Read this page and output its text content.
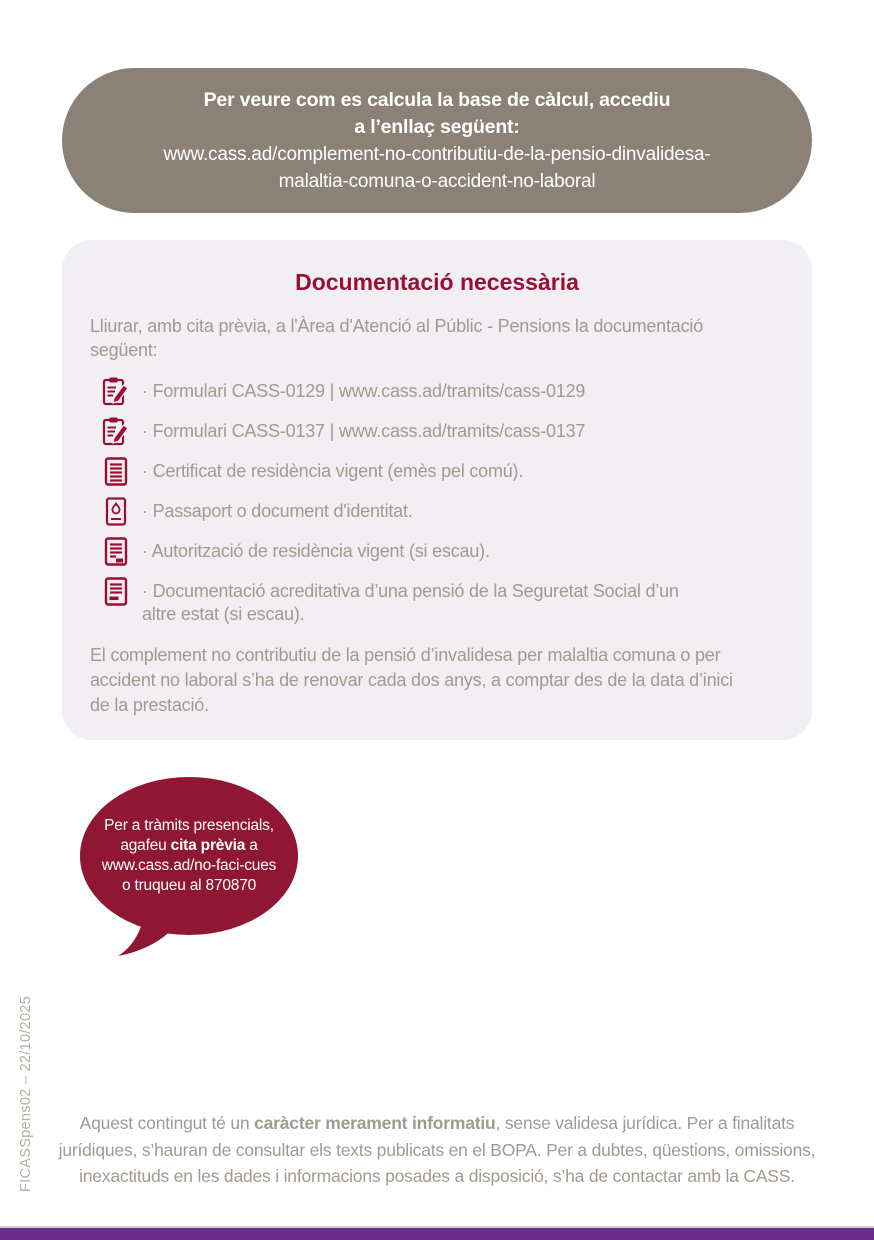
Per veure com es calcula la base de càlcul, accediu
a l’enllaç següent:
www.cass.ad/complement-no-contributiu-de-la-pensio-dinvalidesa-
malaltia-comuna-o-accident-no-laboral
Documentació necessària
Lliurar, amb cita prèvia, a l'Àrea d'Atenció al Públic - Pensions la documentació següent:
· Formulari CASS-0129 | www.cass.ad/tramits/cass-0129
· Formulari CASS-0137 | www.cass.ad/tramits/cass-0137
· Certificat de residència vigent (emès pel comú).
· Passaport o document d'identitat.
· Autorització de residència vigent (si escau).
· Documentació acreditativa d’una pensió de la Seguretat Social d’un altre estat (si escau).
El complement no contributiu de la pensió d’invalidesa per malaltia comuna o per accident no laboral s’ha de renovar cada dos anys, a comptar des de la data d’inici de la prestació.
Per a tràmits presencials,
agafeu cita prèvia a
www.cass.ad/no-faci-cues
o truqueu al 870870
FICASSpens02 – 22/10/2025	Aquest contingut té un caràcter merament informatiu, sense validesa jurídica. Per a finalitats jurídiques, s’hauran de consultar els texts publicats en el BOPA. Per a dubtes, qüestions, omissions, inexactituds en les dades i informacions posades a disposició, s’ha de contactar amb la CASS.
